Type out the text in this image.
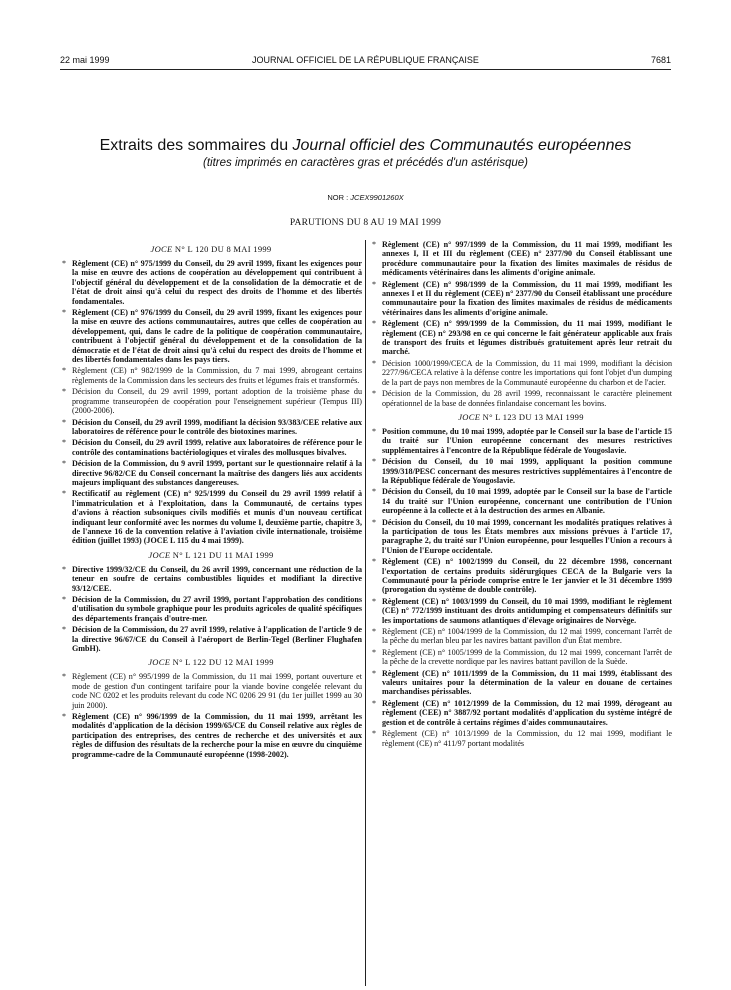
22 mai 1999	JOURNAL OFFICIEL DE LA RÉPUBLIQUE FRANÇAISE	7681
Extraits des sommaires du Journal officiel des Communautés européennes
(titres imprimés en caractères gras et précédés d'un astérisque)
NOR : JCEX9901260X
PARUTIONS DU 8 AU 19 MAI 1999
JOCE N° L 120 DU 8 MAI 1999
* Règlement (CE) n° 975/1999 du Conseil, du 29 avril 1999, fixant les exigences pour la mise en œuvre des actions de coopération au développement qui contribuent à l'objectif général du développement et de la consolidation de la démocratie et de l'état de droit ainsi qu'à celui du respect des droits de l'homme et des libertés fondamentales.
* Règlement (CE) n° 976/1999 du Conseil, du 29 avril 1999, fixant les exigences pour la mise en œuvre des actions communautaires, autres que celles de coopération au développement, qui, dans le cadre de la politique de coopération communautaire, contribuent à l'objectif général du développement et de la consolidation de la démocratie et de l'état de droit ainsi qu'à celui du respect des droits de l'homme et des libertés fondamentales dans les pays tiers.
* Règlement (CE) n° 982/1999 de la Commission, du 7 mai 1999, abrogeant certains règlements de la Commission dans les secteurs des fruits et légumes frais et transformés.
* Décision du Conseil, du 29 avril 1999, portant adoption de la troisième phase du programme transeuropéen de coopération pour l'enseignement supérieur (Tempus III) (2000-2006).
* Décision du Conseil, du 29 avril 1999, modifiant la décision 93/383/CEE relative aux laboratoires de référence pour le contrôle des biotoxines marines.
* Décision du Conseil, du 29 avril 1999, relative aux laboratoires de référence pour le contrôle des contaminations bactériologiques et virales des mollusques bivalves.
* Décision de la Commission, du 9 avril 1999, portant sur le questionnaire relatif à la directive 96/82/CE du Conseil concernant la maîtrise des dangers liés aux accidents majeurs impliquant des substances dangereuses.
* Rectificatif au règlement (CE) n° 925/1999 du Conseil du 29 avril 1999 relatif à l'immatriculation et à l'exploitation, dans la Communauté, de certains types d'avions à réaction subsoniques civils modifiés et munis d'un nouveau certificat indiquant leur conformité avec les normes du volume I, deuxième partie, chapitre 3, de l'annexe 16 de la convention relative à l'aviation civile internationale, troisième édition (juillet 1993) (JOCE L 115 du 4 mai 1999).
JOCE N° L 121 DU 11 MAI 1999
* Directive 1999/32/CE du Conseil, du 26 avril 1999, concernant une réduction de la teneur en soufre de certains combustibles liquides et modifiant la directive 93/12/CEE.
* Décision de la Commission, du 27 avril 1999, portant l'approbation des conditions d'utilisation du symbole graphique pour les produits agricoles de qualité spécifiques des départements français d'outre-mer.
* Décision de la Commission, du 27 avril 1999, relative à l'application de l'article 9 de la directive 96/67/CE du Conseil à l'aéroport de Berlin-Tegel (Berliner Flughafen GmbH).
JOCE N° L 122 DU 12 MAI 1999
* Règlement (CE) n° 995/1999 de la Commission, du 11 mai 1999, portant ouverture et mode de gestion d'un contingent tarifaire pour la viande bovine congelée relevant du code NC 0202 et les produits relevant du code NC 0206 29 91 (du 1er juillet 1999 au 30 juin 2000).
* Règlement (CE) n° 996/1999 de la Commission, du 11 mai 1999, arrêtant les modalités d'application de la décision 1999/65/CE du Conseil relative aux règles de participation des entreprises, des centres de recherche et des universités et aux règles de diffusion des résultats de la recherche pour la mise en œuvre du cinquième programme-cadre de la Communauté européenne (1998-2002).
* Règlement (CE) n° 997/1999 de la Commission, du 11 mai 1999, modifiant les annexes I, II et III du règlement (CEE) n° 2377/90 du Conseil établissant une procédure communautaire pour la fixation des limites maximales de résidus de médicaments vétérinaires dans les aliments d'origine animale.
* Règlement (CE) n° 998/1999 de la Commission, du 11 mai 1999, modifiant les annexes I et II du règlement (CEE) n° 2377/90 du Conseil établissant une procédure communautaire pour la fixation des limites maximales de résidus de médicaments vétérinaires dans les aliments d'origine animale.
* Règlement (CE) n° 999/1999 de la Commission, du 11 mai 1999, modifiant le règlement (CE) n° 293/98 en ce qui concerne le fait générateur applicable aux frais de transport des fruits et légumes distribués gratuitement après leur retrait du marché.
* Décision 1000/1999/CECA de la Commission, du 11 mai 1999, modifiant la décision 2277/96/CECA relative à la défense contre les importations qui font l'objet d'un dumping de la part de pays non membres de la Communauté européenne du charbon et de l'acier.
* Décision de la Commission, du 28 avril 1999, reconnaissant le caractère pleinement opérationnel de la base de données finlandaise concernant les bovins.
JOCE N° L 123 DU 13 MAI 1999
* Position commune, du 10 mai 1999, adoptée par le Conseil sur la base de l'article 15 du traité sur l'Union européenne concernant des mesures restrictives supplémentaires à l'encontre de la République fédérale de Yougoslavie.
* Décision du Conseil, du 10 mai 1999, appliquant la position commune 1999/318/PESC concernant des mesures restrictives supplémentaires à l'encontre de la République fédérale de Yougoslavie.
* Décision du Conseil, du 10 mai 1999, adoptée par le Conseil sur la base de l'article 14 du traité sur l'Union européenne, concernant une contribution de l'Union européenne à la collecte et à la destruction des armes en Albanie.
* Décision du Conseil, du 10 mai 1999, concernant les modalités pratiques relatives à la participation de tous les États membres aux missions prévues à l'article 17, paragraphe 2, du traité sur l'Union européenne, pour lesquelles l'Union a recours à l'Union de l'Europe occidentale.
* Règlement (CE) n° 1002/1999 du Conseil, du 22 décembre 1998, concernant l'exportation de certains produits sidérurgiques CECA de la Bulgarie vers la Communauté pour la période comprise entre le 1er janvier et le 31 décembre 1999 (prorogation du système de double contrôle).
* Règlement (CE) n° 1003/1999 du Conseil, du 10 mai 1999, modifiant le règlement (CE) n° 772/1999 instituant des droits antidumping et compensateurs définitifs sur les importations de saumons atlantiques d'élevage originaires de Norvège.
* Règlement (CE) n° 1004/1999 de la Commission, du 12 mai 1999, concernant l'arrêt de la pêche du merlan bleu par les navires battant pavillon d'un État membre.
* Règlement (CE) n° 1005/1999 de la Commission, du 12 mai 1999, concernant l'arrêt de la pêche de la crevette nordique par les navires battant pavillon de la Suède.
* Règlement (CE) n° 1011/1999 de la Commission, du 11 mai 1999, établissant des valeurs unitaires pour la détermination de la valeur en douane de certaines marchandises périssables.
* Règlement (CE) n° 1012/1999 de la Commission, du 12 mai 1999, dérogeant au règlement (CEE) n° 3887/92 portant modalités d'application du système intégré de gestion et de contrôle à certains régimes d'aides communautaires.
* Règlement (CE) n° 1013/1999 de la Commission, du 12 mai 1999, modifiant le règlement (CE) n° 411/97 portant modalités
